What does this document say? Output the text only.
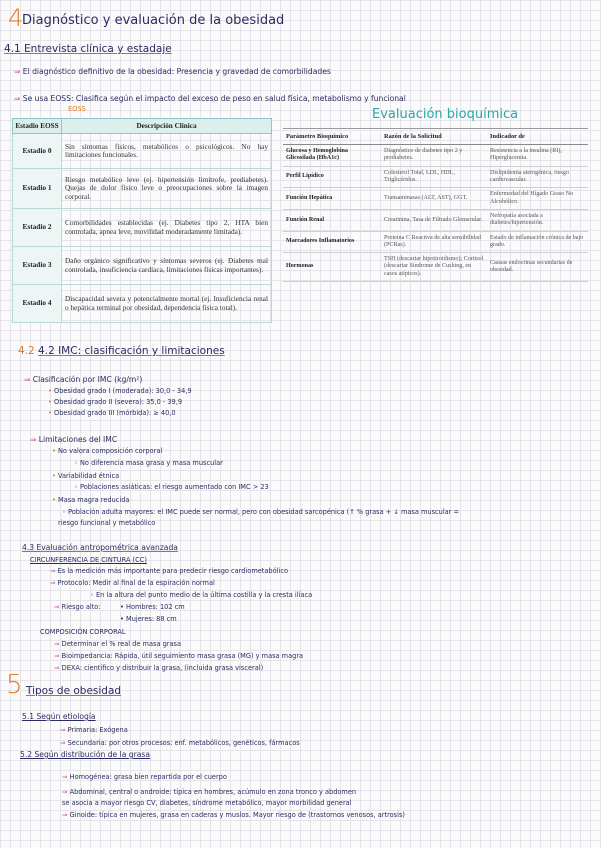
4
Diagnóstico y evaluación de la obesidad
4.1 Entrevista clínica y estadaje
⇒ El diagnóstico definitivo de la obesidad: Presencia y gravedad de comorbilidades
⇒ Se usa EOSS: Clasifica según el impacto del exceso de peso en salud física, metabolismo y funcional
EOSS	Evaluación bioquímica
Estadio EOSS	Descripción Clínica
Estadio 0	Sin síntomas físicos, metabólicos o psicológicos. No hay limitaciones funcionales.
Estadio 1	Riesgo metabólico leve (ej. hipertensión limítrofe, prediabetes). Quejas de dolor físico leve o preocupaciones sobre la imagen corporal.
Estadio 2	Comorbilidades establecidas (ej. Diabetes tipo 2, HTA bien controlada, apnea leve, movilidad moderadamente limitada).
Estadio 3	Daño orgánico significativo y síntomas severos (ej. Diabetes mal controlada, insuficiencia cardíaca, limitaciones físicas importantes).
Estadio 4	Discapacidad severa y potencialmente mortal (ej. Insuficiencia renal o hepática terminal por obesidad, dependencia física total).
Parámetro Bioquímico	Razón de la Solicitud	Indicador de
Glucosa y Hemoglobina Glicosilada (HbA1c)	Diagnóstico de diabetes tipo 2 y prediabetes.	Resistencia a la insulina (RI), Hiperglucemia.
Perfil Lipídico	Colesterol Total, LDL, HDL, Triglicéridos.	Dislipidemia aterogénica, riesgo cardiovascular.
Función Hepática	Transaminasas (ALT, AST), GGT.	Enfermedad del Hígado Graso No Alcohólico.
Función Renal	Creatinina, Tasa de Filtrado Glomerular.	Nefropatía asociada a diabetes/hipertensión.
Marcadores Inflamatorios	Proteína C Reactiva de alta sensibilidad (PCRas).	Estado de inflamación crónica de bajo grado.
Hormonas	TSH (descartar hipotiroidismo); Cortisol (descartar Síndrome de Cushing, en casos atípicos).	Causas endocrinas secundarias de obesidad.
4.2 4.2 IMC: clasificación y limitaciones
⇒ Clasificación por IMC (kg/m²)
• Obesidad grado I (moderada): 30,0 - 34,9
• Obesidad grado II (severa): 35,0 - 39,9
• Obesidad grado III (mórbida): ≥ 40,0
⇒ Limitaciones del IMC
• No valora composición corporal
◦ No diferencia masa grasa y masa muscular
• Variabilidad étnica
◦ Poblaciones asiáticas: el riesgo aumentado con IMC > 23
• Masa magra reducida
◦ Población adulta mayores: el IMC puede ser normal, pero con obesidad sarcopénica (↑ % grasa + ↓ masa muscular =
riesgo funcional y metabólico
4.3 Evaluación antropométrica avanzada
CIRCUNFERENCIA DE CINTURA (CC)
⇒ Es la medición más importante para predecir riesgo cardiometabólico
⇒ Protocolo: Medir al final de la espiración normal
◦ En la altura del punto medio de la última costilla y la cresta ilíaca
⇒ Riesgo alto:	• Hombres: 102 cm
• Mujeres: 88 cm
COMPOSICIÓN CORPORAL
⇒ Determinar el % real de masa grasa
⇒ Bioimpedancia: Rápida, útil seguimiento masa grasa (MG) y masa magra
⇒ DEXA: científico y distribuir la grasa, (incluida grasa visceral)
5 Tipos de obesidad
5.1 Según etiología
⇒ Primaria: Exógena
⇒ Secundaria: por otros procesos: enf. metabólicos, genéticos, fármacos
5.2 Según distribución de la grasa
⇒ Homogénea: grasa bien repartida por el cuerpo
⇒ Abdominal, central o androide: típica en hombres, acúmulo en zona tronco y abdomen
se asocia a mayor riesgo CV, diabetes, síndrome metabólico, mayor morbilidad general
⇒ Ginoide: típica en mujeres, grasa en caderas y muslos. Mayor riesgo de (trastornos venosos, artrosis)
